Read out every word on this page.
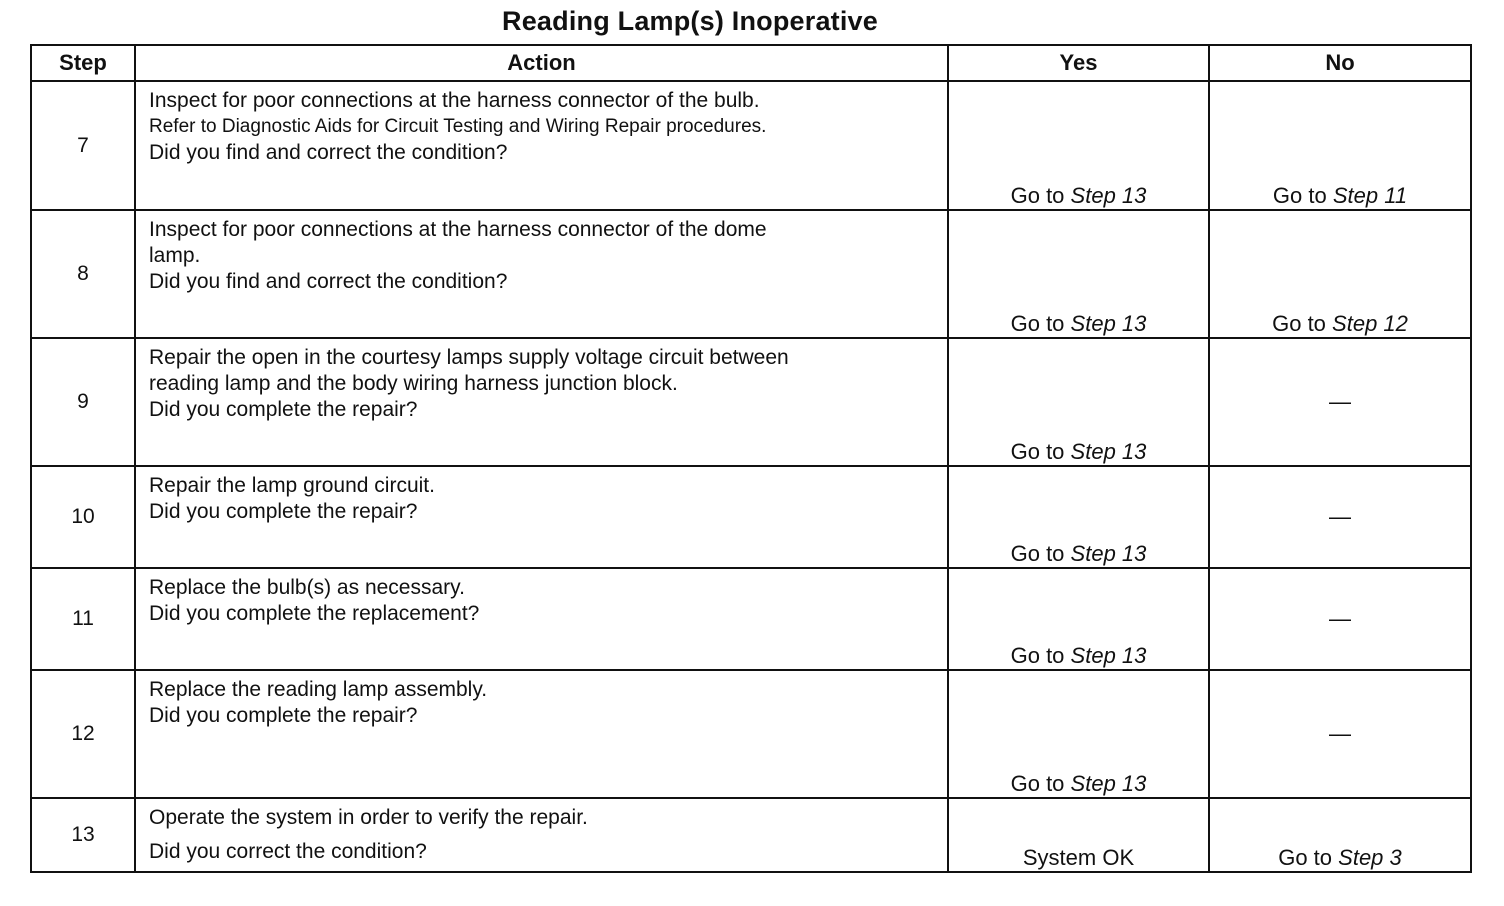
Reading Lamp(s) Inoperative
Step	Action	Yes	No
7	Inspect for poor connections at the harness connector of the bulb.
Refer to Diagnostic Aids for Circuit Testing and Wiring Repair procedures.
Did you find and correct the condition?	Go to Step 13	Go to Step 11
8	Inspect for poor connections at the harness connector of the dome
lamp.
Did you find and correct the condition?	Go to Step 13	Go to Step 12
9	Repair the open in the courtesy lamps supply voltage circuit between
reading lamp and the body wiring harness junction block.
Did you complete the repair?	Go to Step 13	—
10	Repair the lamp ground circuit.
Did you complete the repair?	Go to Step 13	—
11	Replace the bulb(s) as necessary.
Did you complete the replacement?	Go to Step 13	—
12	Replace the reading lamp assembly.
Did you complete the repair?	Go to Step 13	—
13	Operate the system in order to verify the repair.
Did you correct the condition?	System OK	Go to Step 3
